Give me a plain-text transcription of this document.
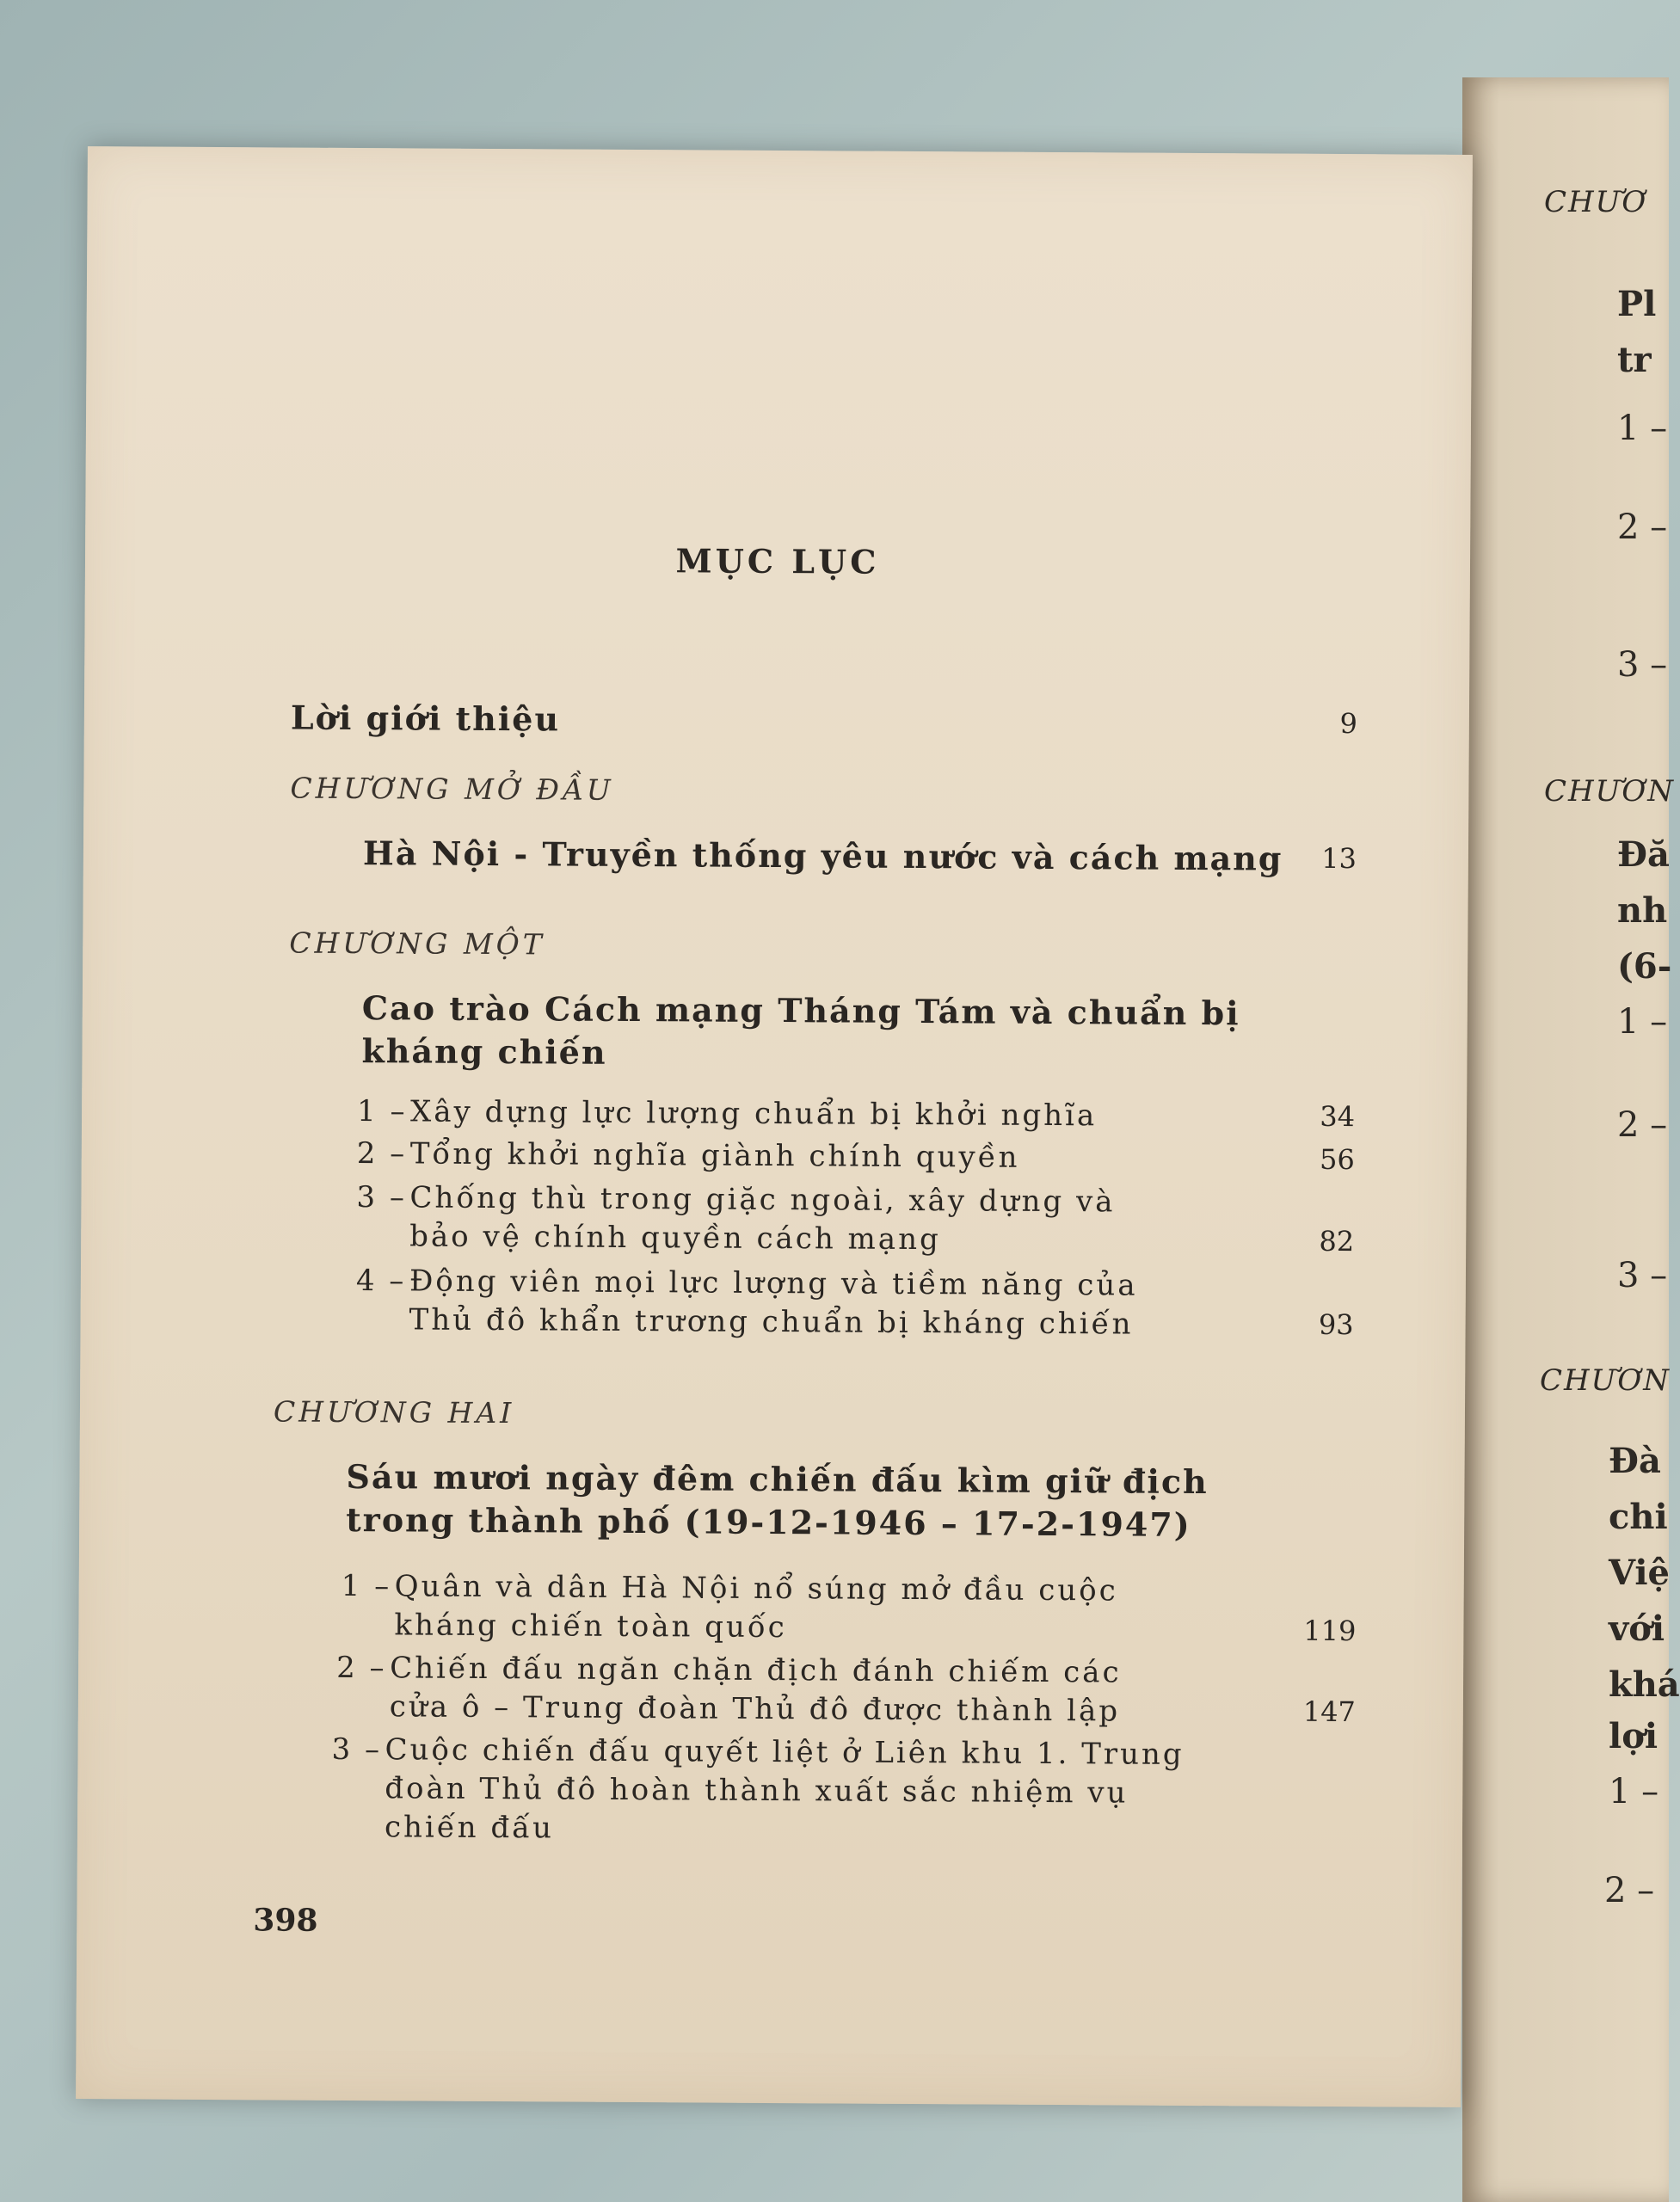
CHƯƠ
Pl
tr
1 –
2 –
3 –
CHƯƠN
Đă
nh
(6-
1 –
2 –
3 –
CHƯƠN
Đà
chi
Việ
với
khá
lợi
1 –
2 –
MỤC LỤC
Lời giới thiệu	9
CHƯƠNG MỞ ĐẦU
Hà Nội - Truyền thống yêu nước và cách mạng	13
CHƯƠNG MỘT
Cao trào Cách mạng Tháng Tám và chuẩn bị
kháng chiến
1 –Xây dựng lực lượng chuẩn bị khởi nghĩa	34
2 –Tổng khởi nghĩa giành chính quyền	56
3 –Chống thù trong giặc ngoài, xây dựng và
bảo vệ chính quyền cách mạng	82
4 –Động viên mọi lực lượng và tiềm năng của
Thủ đô khẩn trương chuẩn bị kháng chiến	93
CHƯƠNG HAI
Sáu mươi ngày đêm chiến đấu kìm giữ địch
trong thành phố (19-12-1946 – 17-2-1947)
1 –Quân và dân Hà Nội nổ súng mở đầu cuộc
kháng chiến toàn quốc	119
2 –Chiến đấu ngăn chặn địch đánh chiếm các
cửa ô – Trung đoàn Thủ đô được thành lập	147
3 –Cuộc chiến đấu quyết liệt ở Liên khu 1. Trung
đoàn Thủ đô hoàn thành xuất sắc nhiệm vụ
chiến đấu
398
